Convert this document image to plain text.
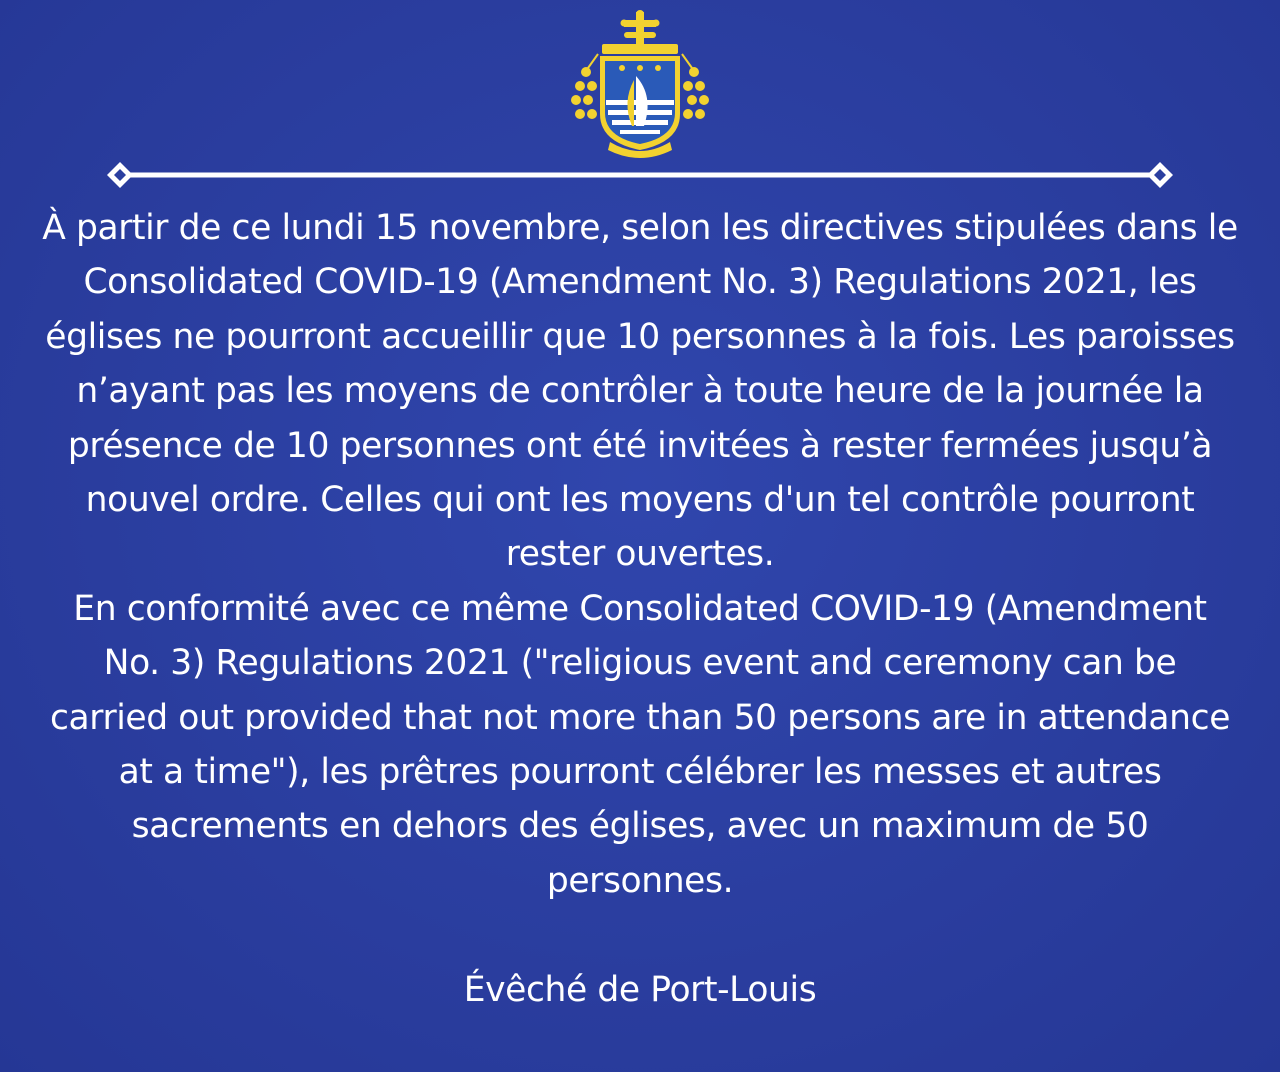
À partir de ce lundi 15 novembre, selon les directives stipulées dans le Consolidated COVID-19 (Amendment No. 3) Regulations 2021, les églises ne pourront accueillir que 10 personnes à la fois. Les paroisses n’ayant pas les moyens de contrôler à toute heure de la journée la présence de 10 personnes ont été invitées à rester fermées jusqu’à nouvel ordre. Celles qui ont les moyens d'un tel contrôle pourront rester ouvertes.

En conformité avec ce même Consolidated COVID-19 (Amendment No. 3) Regulations 2021 ("religious event and ceremony can be carried out provided that not more than 50 persons are in attendance at a time"), les prêtres pourront célébrer les messes et autres sacrements en dehors des églises, avec un maximum de 50 personnes.

Évêché de Port-Louis
